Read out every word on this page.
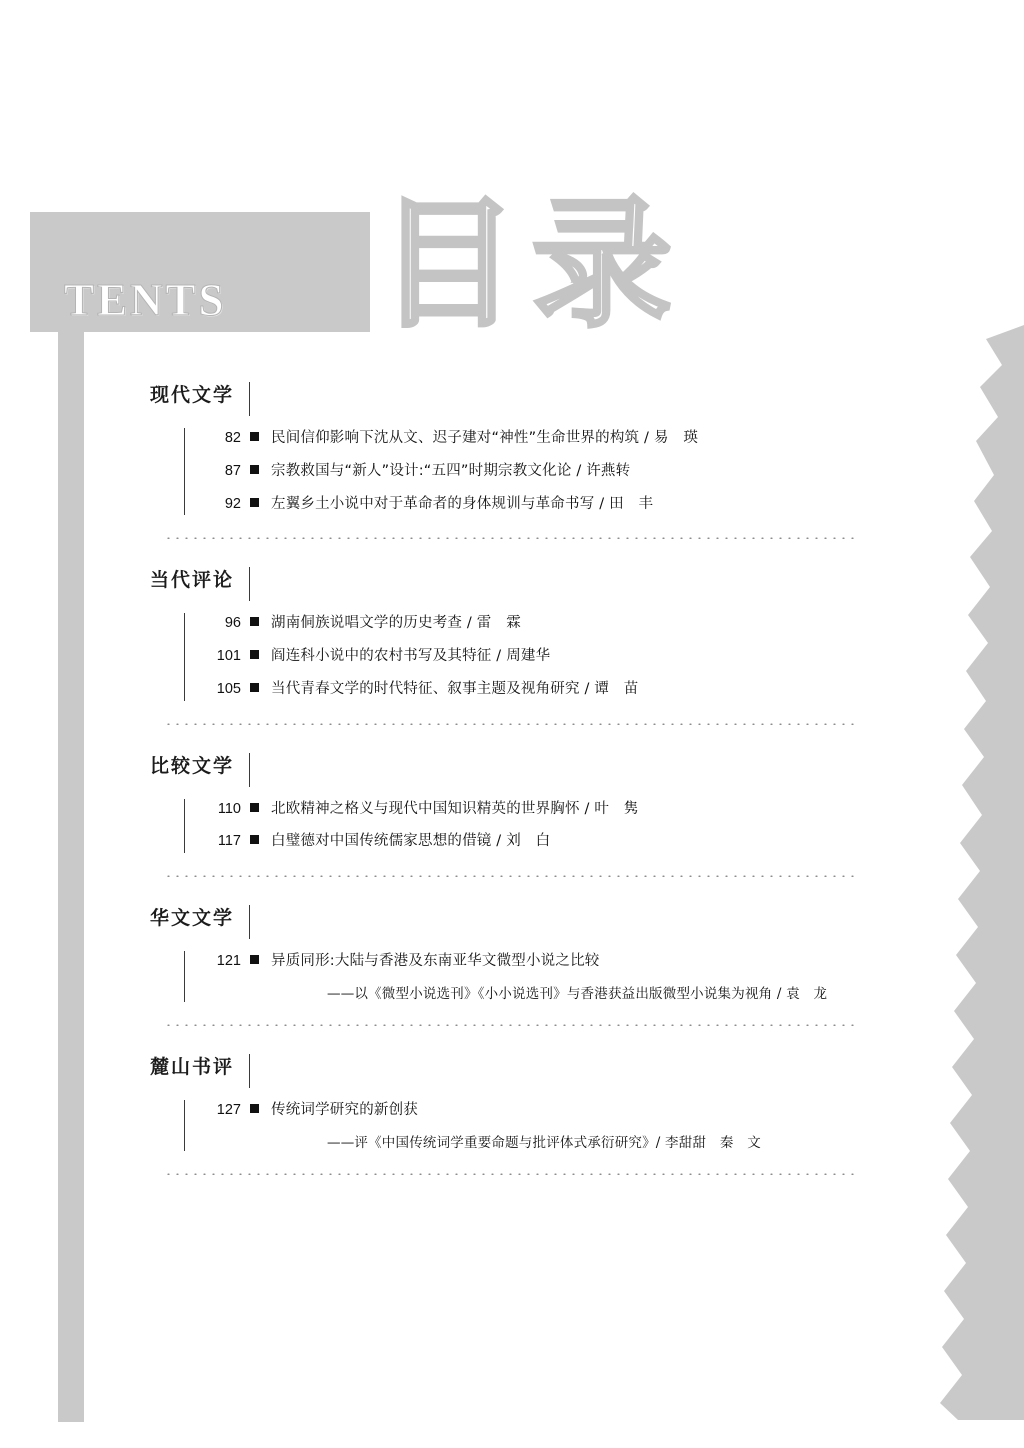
TENTS 目录
现代文学
82 民间信仰影响下沈从文、迟子建对“神性”生命世界的构筑 / 易　瑛
87 宗教救国与“新人”设计:“五四”时期宗教文化论 / 许燕转
92 左翼乡土小说中对于革命者的身体规训与革命书写 / 田　丰
当代评论
96 湖南侗族说唱文学的历史考查 / 雷　霖
101 阎连科小说中的农村书写及其特征 / 周建华
105 当代青春文学的时代特征、叙事主题及视角研究 / 谭　苗
比较文学
110 北欧精神之格义与现代中国知识精英的世界胸怀 / 叶　隽
117 白璧德对中国传统儒家思想的借镜 / 刘　白
华文文学
121 异质同形:大陆与香港及东南亚华文微型小说之比较
——以《微型小说选刊》《小小说选刊》与香港获益出版微型小说集为视角 / 袁　龙
麓山书评
127 传统词学研究的新创获
——评《中国传统词学重要命题与批评体式承衍研究》/ 李甜甜　秦　文
